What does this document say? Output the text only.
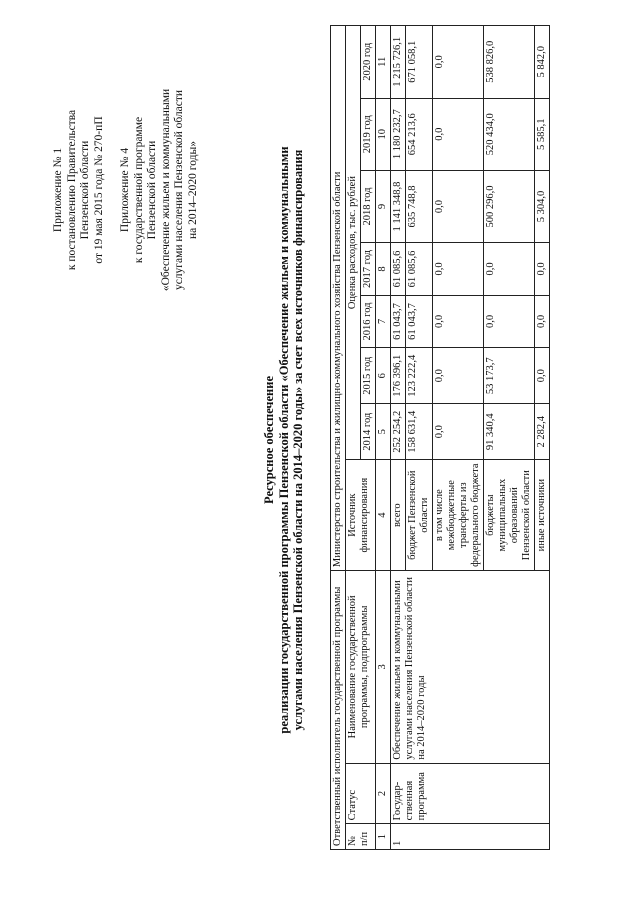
Приложение № 1 к постановлению Правительства Пензенской области от 19 мая 2015 года № 270-пП Приложение № 4 к государственной программе Пензенской области «Обеспечение жильем и коммунальными услугами населения Пензенской области на 2014–2020 годы»
Ресурсное обеспечение реализации государственной программы Пензенской области «Обеспечение жильем и коммунальными услугами населения Пензенской области на 2014–2020 годы» за счет всех источников финансирования	Ответственный исполнитель государственной программы			Министерство строительства и жилищно-коммунального хозяйства Пензенской области							
№ п/п	Статус	Наименование государственной программы, подпрограммы	Источник финансирования	Оценка расходов, тыс. рублей						
				2014 год	2015 год	2016 год	2017 год	2018 год	2019 год	2020 год
1	2	3	4	5	6	7	8	9	10	11
1	Государ-ственная программа	Обеспечение жильем и коммунальными услугами населения Пензенской области на 2014–2020 годы	всего	252 254,2	176 396,1	61 043,7	61 085,6	1 141 348,8	1 180 232,7	1 215 726,1
			бюджет Пензенской области	158 631,4	123 222,4	61 043,7	61 085,6	635 748,8	654 213,6	671 058,1
			в том числе межбюджетные трансферты из федерального бюджета	0,0	0,0	0,0	0,0	0,0	0,0	0,0
			бюджеты муниципальных образований Пензенской области	91 340,4	53 173,7	0,0	0,0	500 296,0	520 434,0	538 826,0
			иные источники	2 282,4	0,0	0,0	0,0	5 304,0	5 585,1	5 842,0
